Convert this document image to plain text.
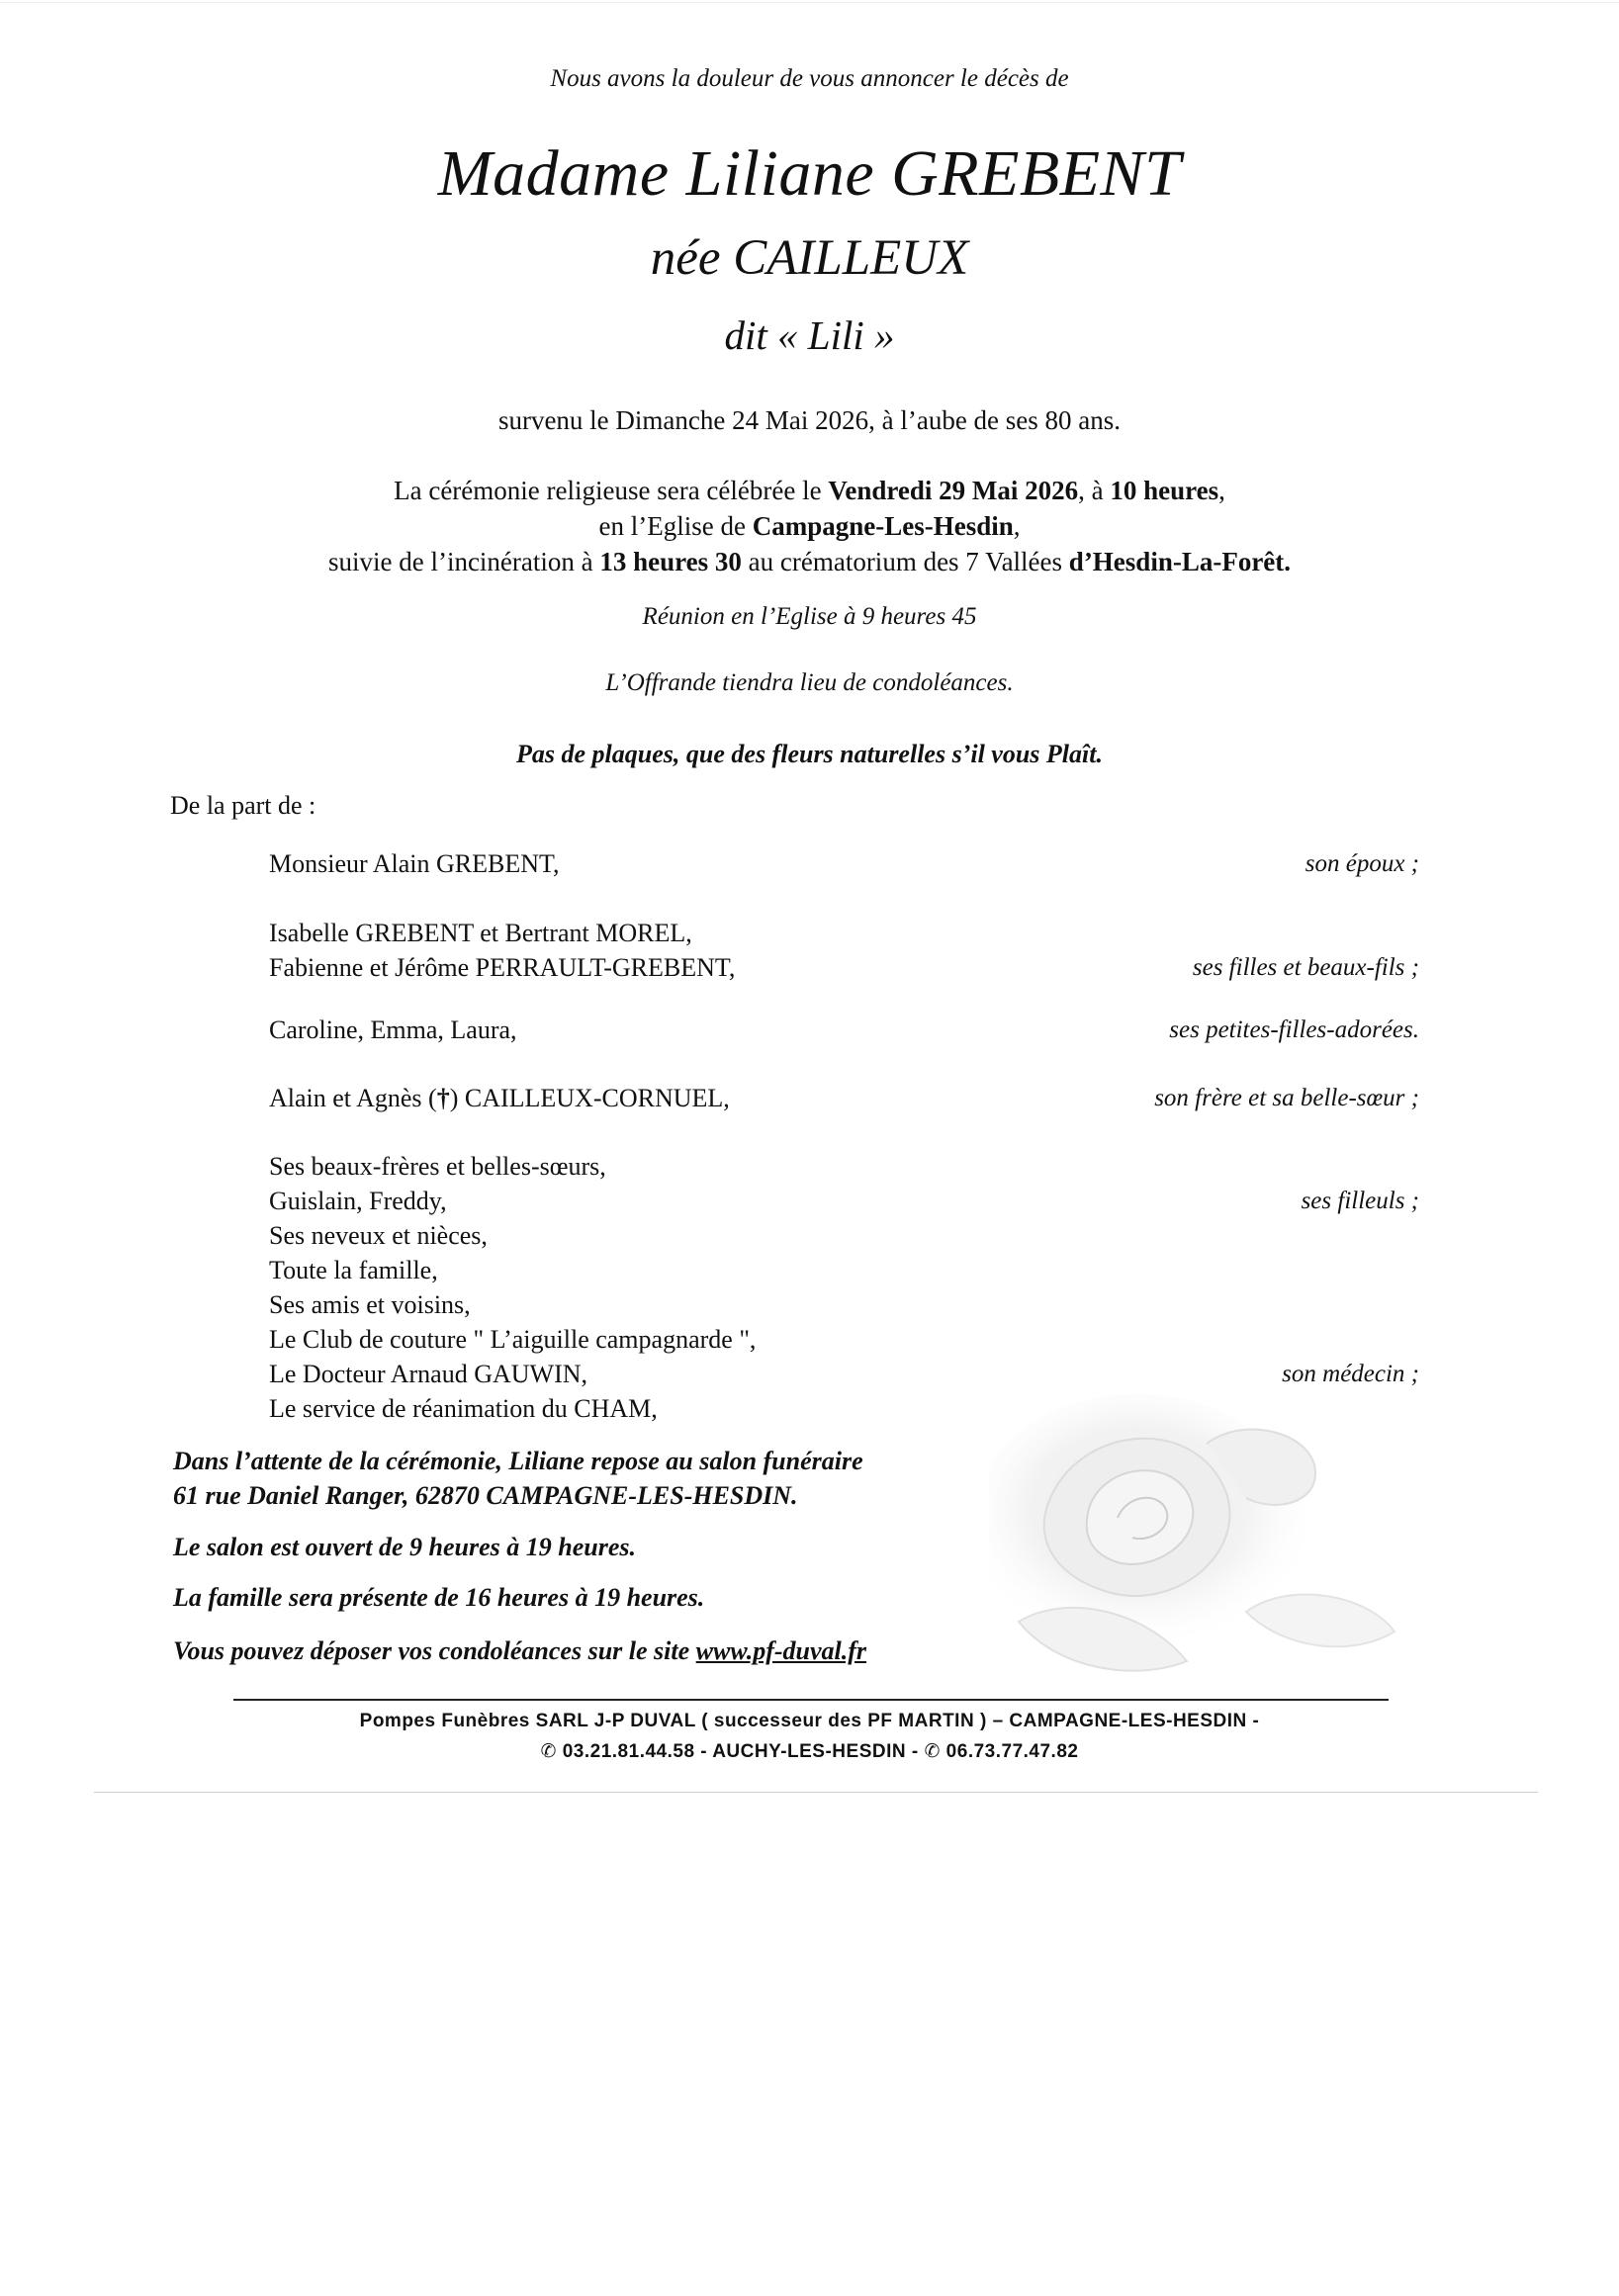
Nous avons la douleur de vous annoncer le décès de
Madame Liliane GREBENT
née CAILLEUX
dit « Lili »
survenu le Dimanche 24 Mai 2026, à l’aube de ses 80 ans.
La cérémonie religieuse sera célébrée le Vendredi 29 Mai 2026, à 10 heures,
en l’Eglise de Campagne-Les-Hesdin,
suivie de l’incinération à 13 heures 30 au crématorium des 7 Vallées d’Hesdin-La-Forêt.
Réunion en l’Eglise à 9 heures 45
L’Offrande tiendra lieu de condoléances.
Pas de plaques, que des fleurs naturelles s’il vous Plaît.
De la part de :
Monsieur Alain GREBENT,	son époux ;
Isabelle GREBENT et Bertrant MOREL,
Fabienne et Jérôme PERRAULT-GREBENT,	ses filles et beaux-fils ;
Caroline, Emma, Laura,	ses petites-filles-adorées.
Alain et Agnès (†) CAILLEUX-CORNUEL,	son frère et sa belle-sœur ;
Ses beaux-frères et belles-sœurs,
Guislain, Freddy,	ses filleuls ;
Ses neveux et nièces,
Toute la famille,
Ses amis et voisins,
Le Club de couture " L’aiguille campagnarde ",
Le Docteur Arnaud GAUWIN,	son médecin ;
Le service de réanimation du CHAM,
Dans l’attente de la cérémonie, Liliane repose au salon funéraire
61 rue Daniel Ranger, 62870 CAMPAGNE-LES-HESDIN.
Le salon est ouvert de 9 heures à 19 heures.
La famille sera présente de 16 heures à 19 heures.
Vous pouvez déposer vos condoléances sur le site www.pf-duval.fr
Pompes Funèbres SARL J-P DUVAL ( successeur des PF MARTIN ) – CAMPAGNE-LES-HESDIN -
✆ 03.21.81.44.58 - AUCHY-LES-HESDIN - ✆ 06.73.77.47.82
